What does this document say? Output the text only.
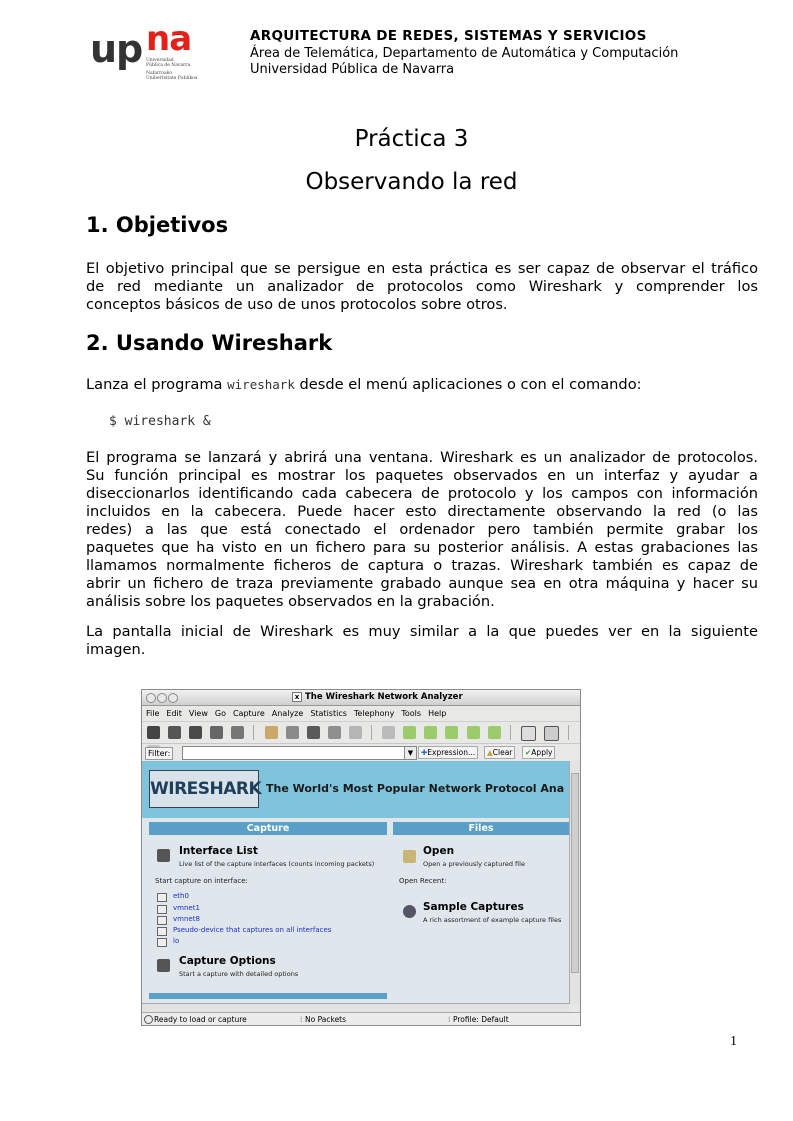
up na
Universidad
Pública de Navarra
Nafarroako
Unibertsitate Publikoa
ARQUITECTURA DE REDES, SISTEMAS Y SERVICIOS
Área de Telemática, Departamento de Automática y Computación
Universidad Pública de Navarra
Práctica 3
Observando la red
1. Objetivos
El objetivo principal que se persigue en esta práctica es ser capaz de observar el tráfico
de red mediante un analizador de protocolos como Wireshark y comprender los
conceptos básicos de uso de unos protocolos sobre otros.
2. Usando Wireshark
Lanza el programa wireshark desde el menú aplicaciones o con el comando:
$ wireshark &
El programa se lanzará y abrirá una ventana. Wireshark es un analizador de protocolos.
Su función principal es mostrar los paquetes observados en un interfaz y ayudar a
diseccionarlos identificando cada cabecera de protocolo y los campos con información
incluidos en la cabecera. Puede hacer esto directamente observando la red (o las
redes) a las que está conectado el ordenador pero también permite grabar los
paquetes que ha visto en un fichero para su posterior análisis. A estas grabaciones las
llamamos normalmente ficheros de captura o trazas. Wireshark también es capaz de
abrir un fichero de traza previamente grabado aunque sea en otra máquina y hacer su
análisis sobre los paquetes observados en la grabación.
La pantalla inicial de Wireshark es muy similar a la que puedes ver en la siguiente
imagen.
x The Wireshark Network Analyzer
File Edit View Go Capture Analyze Statistics Telephony Tools Help

Filter:	▼	✚Expression...	▲Clear	✔Apply
WIRESHARK The World's Most Popular Network Protocol Ana
Capture	Files
Interface List
Live list of the capture interfaces (counts incoming packets)
Start capture on interface:
eth0
vmnet1
vmnet8
Pseudo-device that captures on all interfaces
lo
Capture Options
Start a capture with detailed options
Open
Open a previously captured file
Open Recent:
Sample Captures
A rich assortment of example capture files
Ready to load or capture	⁞ No Packets	⁞ Profile: Default
1
